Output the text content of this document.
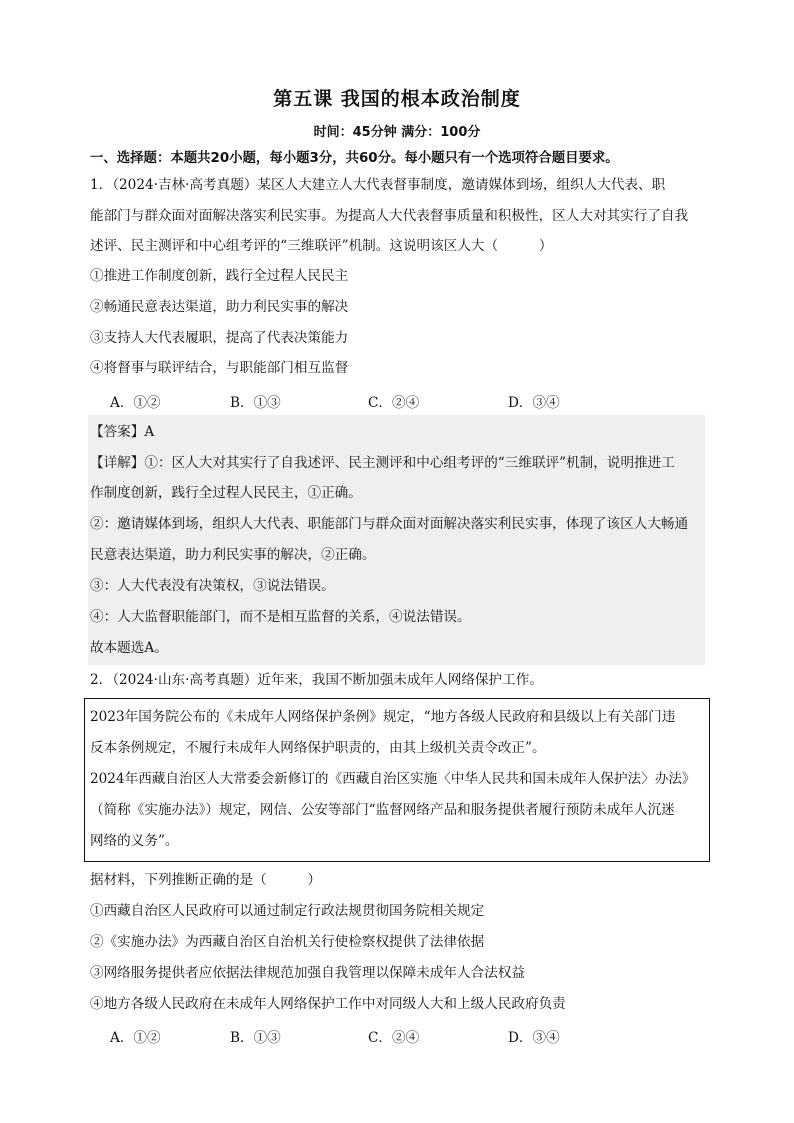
第五课 我国的根本政治制度
时间：45分钟 满分：100分
一、选择题：本题共20小题，每小题3分，共60分。每小题只有一个选项符合题目要求。
1．（2024·吉林·高考真题）某区人大建立人大代表督事制度，邀请媒体到场，组织人大代表、职
能部门与群众面对面解决落实利民实事。为提高人大代表督事质量和积极性，区人大对其实行了自我
述评、民主测评和中心组考评的“三维联评”机制。这说明该区人大（　　　）
①推进工作制度创新，践行全过程人民民主
②畅通民意表达渠道，助力利民实事的解决
③支持人大代表履职，提高了代表决策能力
④将督事与联评结合，与职能部门相互监督
A．①②	B．①③	C．②④	D．③④
【答案】A
【详解】①：区人大对其实行了自我述评、民主测评和中心组考评的“三维联评”机制，说明推进工
作制度创新，践行全过程人民民主，①正确。
②：邀请媒体到场，组织人大代表、职能部门与群众面对面解决落实利民实事，体现了该区人大畅通
民意表达渠道，助力利民实事的解决，②正确。
③：人大代表没有决策权，③说法错误。
④：人大监督职能部门，而不是相互监督的关系，④说法错误。
故本题选A。
2．（2024·山东·高考真题）近年来，我国不断加强未成年人网络保护工作。
2023年国务院公布的《未成年人网络保护条例》规定，“地方各级人民政府和县级以上有关部门违
反本条例规定，不履行未成年人网络保护职责的，由其上级机关责令改正”。
2024年西藏自治区人大常委会新修订的《西藏自治区实施〈中华人民共和国未成年人保护法〉办法》
（简称《实施办法》）规定，网信、公安等部门“监督网络产品和服务提供者履行预防未成年人沉迷
网络的义务”。
据材料，下列推断正确的是（　　　）
①西藏自治区人民政府可以通过制定行政法规贯彻国务院相关规定
②《实施办法》为西藏自治区自治机关行使检察权提供了法律依据
③网络服务提供者应依据法律规范加强自我管理以保障未成年人合法权益
④地方各级人民政府在未成年人网络保护工作中对同级人大和上级人民政府负责
A．①②	B．①③	C．②④	D．③④
